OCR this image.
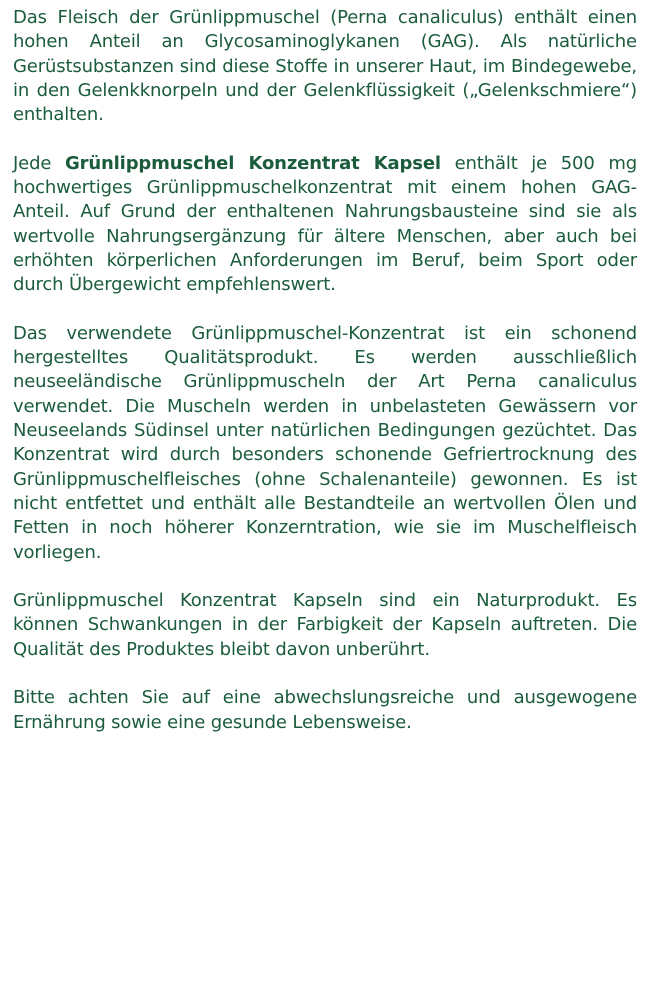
Das Fleisch der Grünlippmuschel (Perna canaliculus) enthält einen hohen Anteil an Glycosaminoglykanen (GAG). Als natürliche Gerüstsubstanzen sind diese Stoffe in unserer Haut, im Bindegewebe, in den Gelenkknorpeln und der Gelenkflüssigkeit („Gelenkschmiere“) enthalten.

Jede Grünlippmuschel Konzentrat Kapsel enthält je 500 mg hochwertiges Grünlippmuschelkonzentrat mit einem hohen GAG-Anteil. Auf Grund der enthaltenen Nahrungsbausteine sind sie als wertvolle Nahrungsergänzung für ältere Menschen, aber auch bei erhöhten körperlichen Anforderungen im Beruf, beim Sport oder durch Übergewicht empfehlenswert.

Das verwendete Grünlippmuschel-Konzentrat ist ein schonend hergestelltes Qualitätsprodukt. Es werden ausschließlich neuseeländische Grünlippmuscheln der Art Perna canaliculus verwendet. Die Muscheln werden in unbelasteten Gewässern vor Neuseelands Südinsel unter natürlichen Bedingungen gezüchtet. Das Konzentrat wird durch besonders schonende Gefriertrocknung des Grünlippmuschelfleisches (ohne Schalenanteile) gewonnen. Es ist nicht entfettet und enthält alle Bestandteile an wertvollen Ölen und Fetten in noch höherer Konzerntration, wie sie im Muschelfleisch vorliegen.

Grünlippmuschel Konzentrat Kapseln sind ein Naturprodukt. Es können Schwankungen in der Farbigkeit der Kapseln auftreten. Die Qualität des Produktes bleibt davon unberührt.

Bitte achten Sie auf eine abwechslungsreiche und ausgewogene Ernährung sowie eine gesunde Lebensweise.
